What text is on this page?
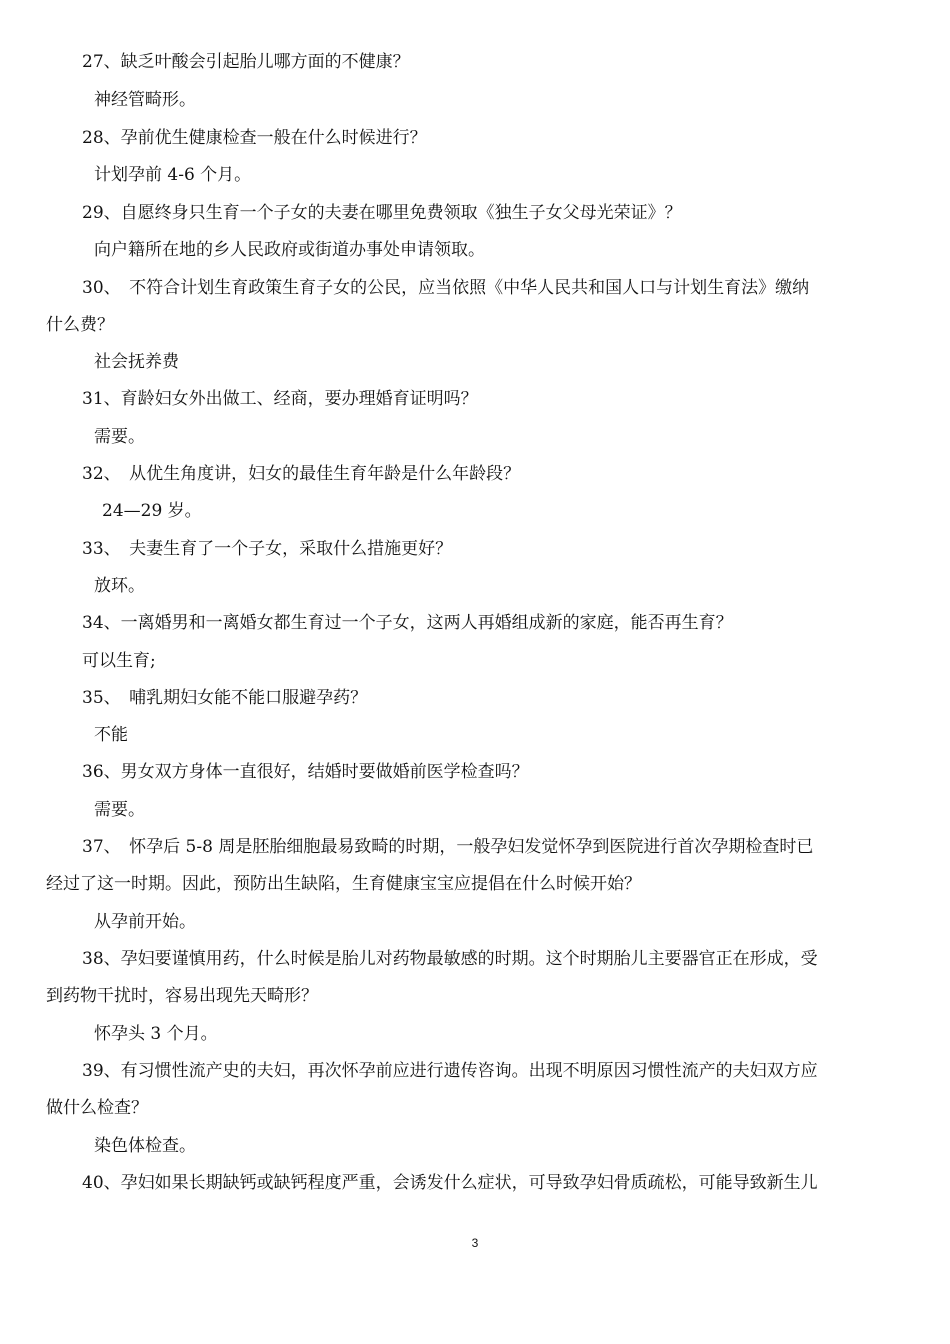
27、缺乏叶酸会引起胎儿哪方面的不健康？
神经管畸形。
28、孕前优生健康检查一般在什么时候进行？
计划孕前 4-6 个月。
29、自愿终身只生育一个子女的夫妻在哪里免费领取《独生子女父母光荣证》？
向户籍所在地的乡人民政府或街道办事处申请领取。
30、　不符合计划生育政策生育子女的公民，应当依照《中华人民共和国人口与计划生育法》缴纳
什么费？
社会抚养费
31、育龄妇女外出做工、经商，要办理婚育证明吗？
需要。
32、　从优生角度讲，妇女的最佳生育年龄是什么年龄段？
24—29 岁。
33、　夫妻生育了一个子女，采取什么措施更好？
放环。
34、一离婚男和一离婚女都生育过一个子女，这两人再婚组成新的家庭，能否再生育？
可以生育;
35、　哺乳期妇女能不能口服避孕药？
不能
36、男女双方身体一直很好，结婚时要做婚前医学检查吗？
需要。
37、　怀孕后 5-8 周是胚胎细胞最易致畸的时期，一般孕妇发觉怀孕到医院进行首次孕期检查时已
经过了这一时期。因此，预防出生缺陷，生育健康宝宝应提倡在什么时候开始？
从孕前开始。
38、孕妇要谨慎用药，什么时候是胎儿对药物最敏感的时期。这个时期胎儿主要器官正在形成，受
到药物干扰时，容易出现先天畸形？
怀孕头 3 个月。
39、有习惯性流产史的夫妇，再次怀孕前应进行遗传咨询。出现不明原因习惯性流产的夫妇双方应
做什么检查？
染色体检查。
40、孕妇如果长期缺钙或缺钙程度严重，会诱发什么症状，可导致孕妇骨质疏松，可能导致新生儿
3
